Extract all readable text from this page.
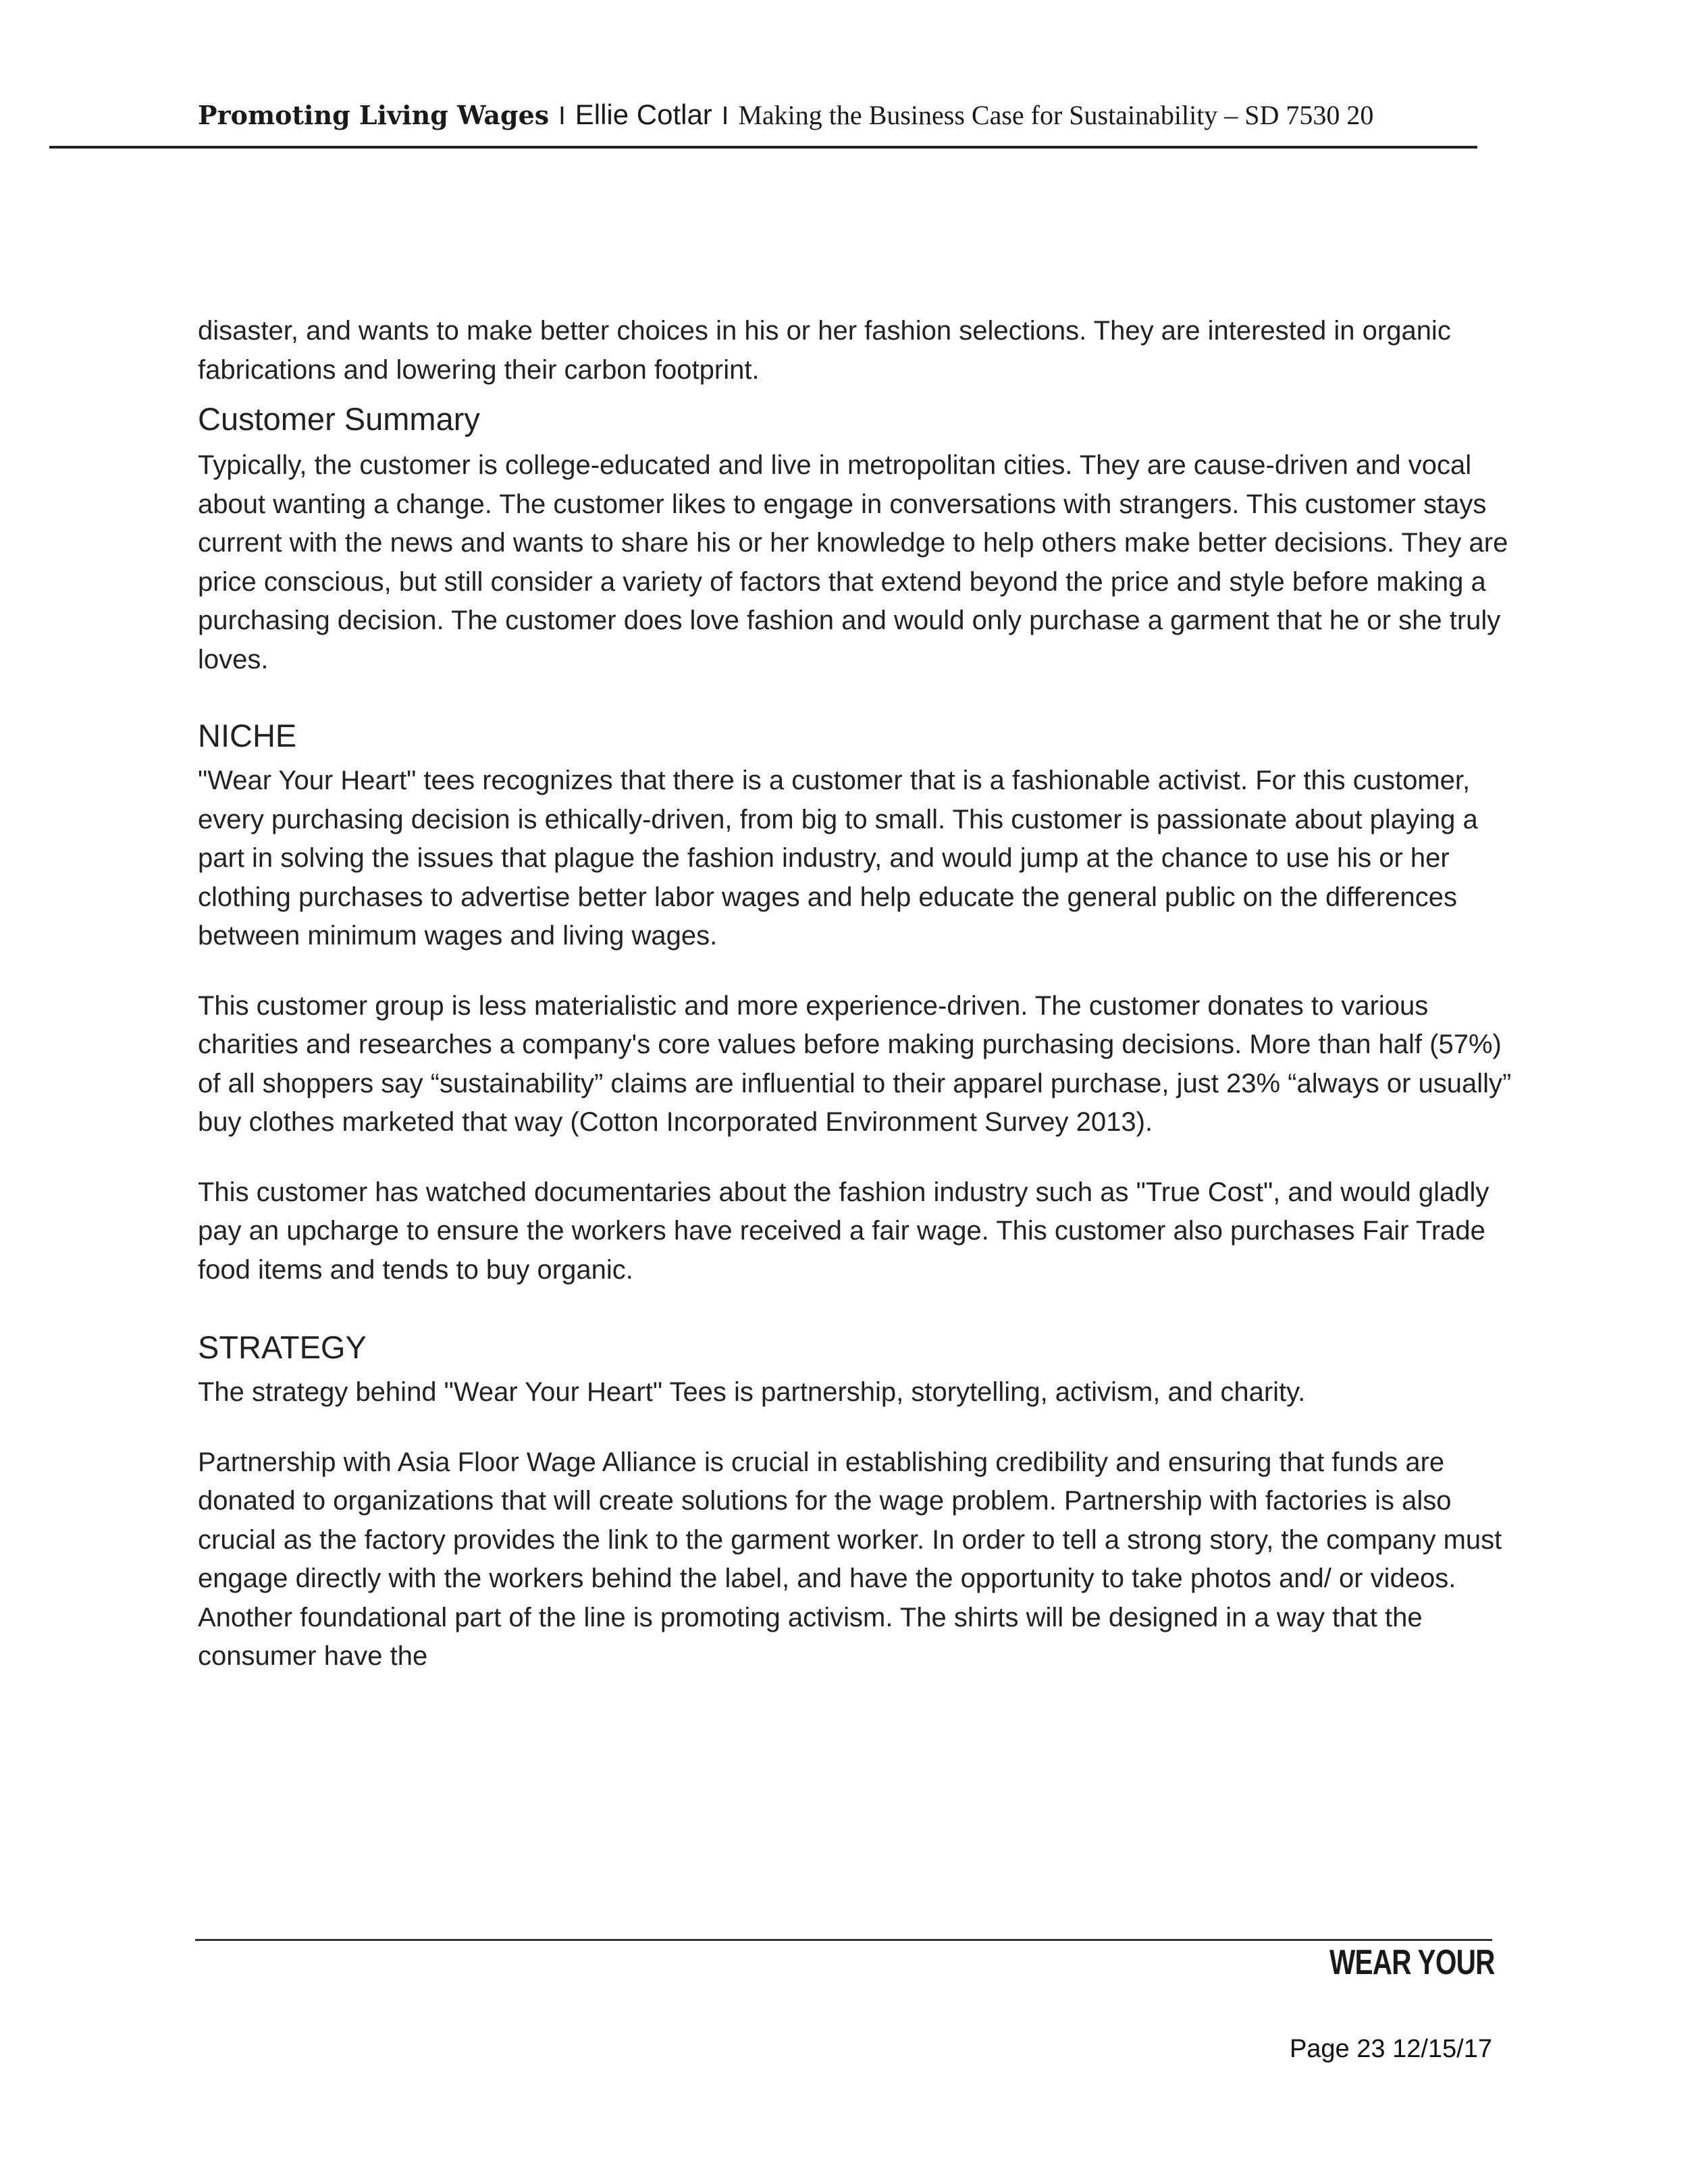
Promoting Living Wages I Ellie Cotlar I Making the Business Case for Sustainability – SD 7530 20

disaster, and wants to make better choices in his or her fashion selections. They are interested in organic fabrications and lowering their carbon footprint.

Customer Summary

Typically, the customer is college-educated and live in metropolitan cities. They are cause-driven and vocal about wanting a change. The customer likes to engage in conversations with strangers. This customer stays current with the news and wants to share his or her knowledge to help others make better decisions. They are price conscious, but still consider a variety of factors that extend beyond the price and style before making a purchasing decision. The customer does love fashion and would only purchase a garment that he or she truly loves.

NICHE

"Wear Your Heart" tees recognizes that there is a customer that is a fashionable activist. For this customer, every purchasing decision is ethically-driven, from big to small. This customer is passionate about playing a part in solving the issues that plague the fashion industry, and would jump at the chance to use his or her clothing purchases to advertise better labor wages and help educate the general public on the differences between minimum wages and living wages.

This customer group is less materialistic and more experience-driven. The customer donates to various charities and researches a company's core values before making purchasing decisions. More than half (57%) of all shoppers say “sustainability” claims are influential to their apparel purchase, just 23% “always or usually” buy clothes marketed that way (Cotton Incorporated Environment Survey 2013).

This customer has watched documentaries about the fashion industry such as "True Cost", and would gladly pay an upcharge to ensure the workers have received a fair wage. This customer also purchases Fair Trade food items and tends to buy organic.

STRATEGY

The strategy behind "Wear Your Heart" Tees is partnership, storytelling, activism, and charity.

Partnership with Asia Floor Wage Alliance is crucial in establishing credibility and ensuring that funds are donated to organizations that will create solutions for the wage problem. Partnership with factories is also crucial as the factory provides the link to the garment worker. In order to tell a strong story, the company must engage directly with the workers behind the label, and have the opportunity to take photos and/ or videos. Another foundational part of the line is promoting activism. The shirts will be designed in a way that the consumer have the

WEAR YOUR
Page 23 12/15/17
